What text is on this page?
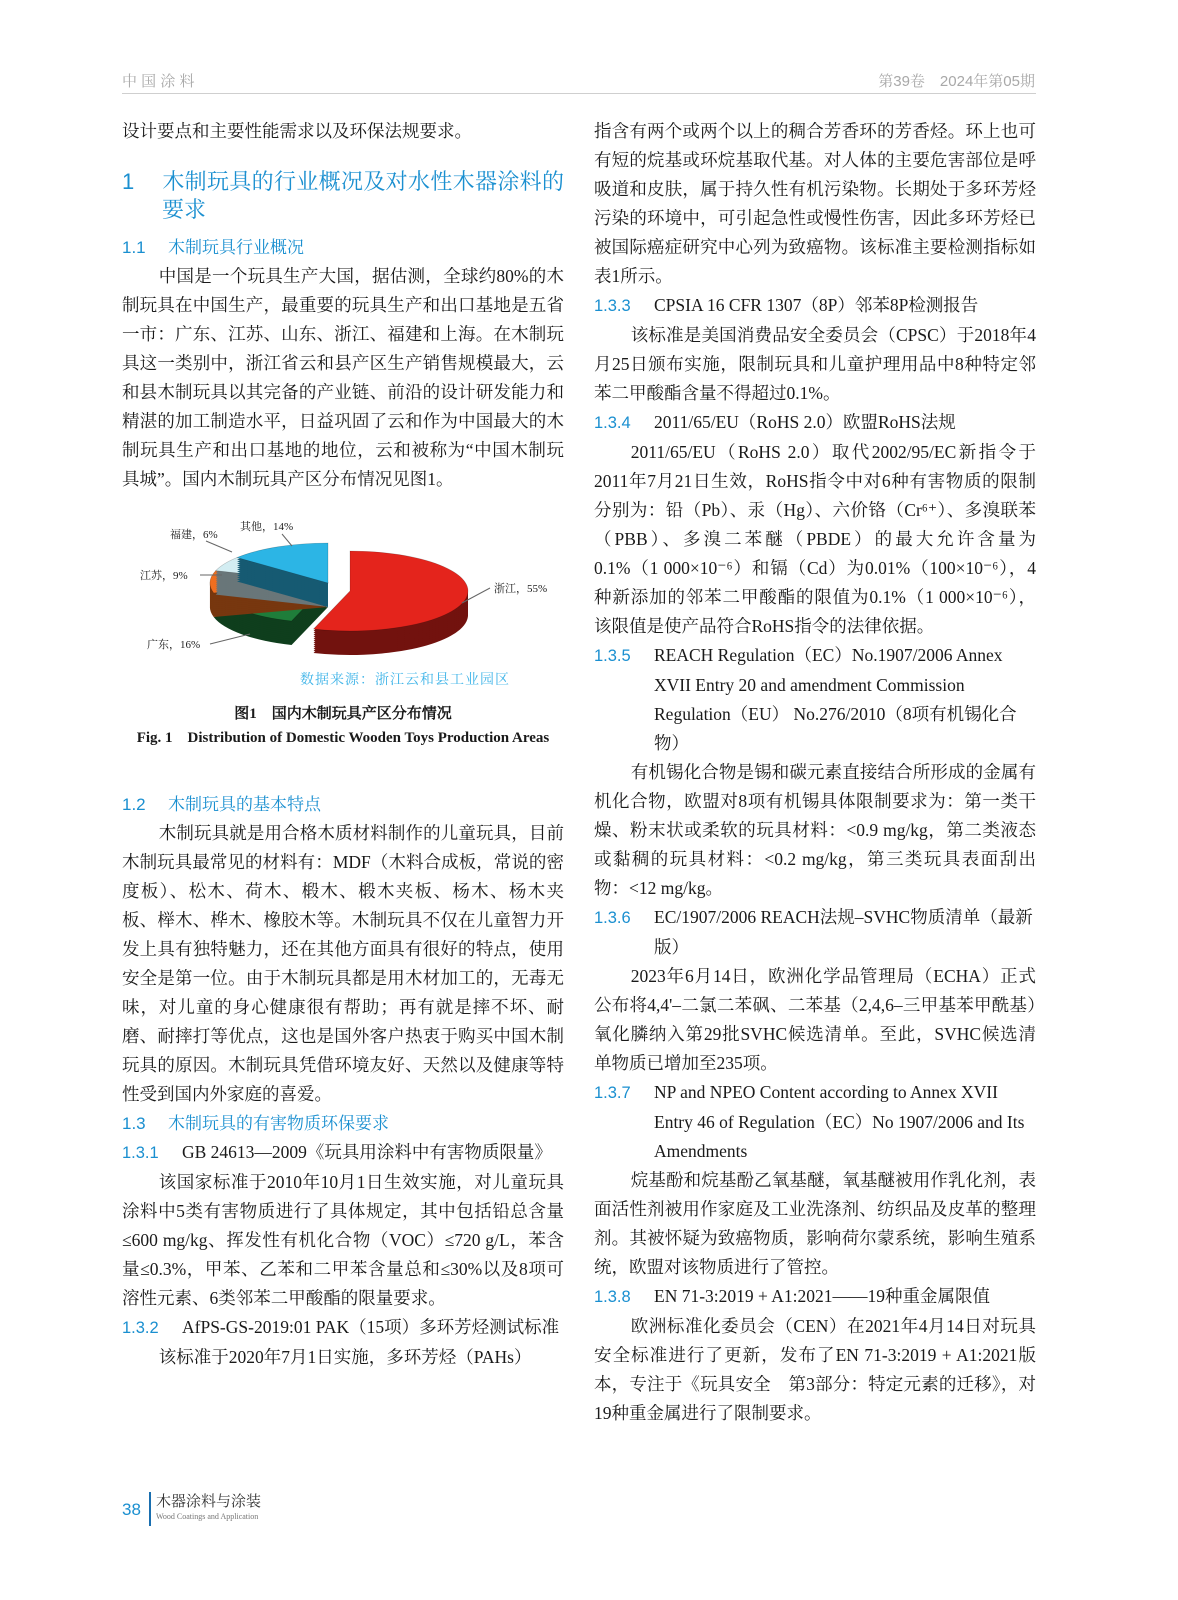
中 国 涂 料	第39卷　2024年第05期
设计要点和主要性能需求以及环保法规要求。
1 木制玩具的行业概况及对水性木器涂料的要求
1.1 木制玩具行业概况
中国是一个玩具生产大国，据估测，全球约80%的木制玩具在中国生产，最重要的玩具生产和出口基地是五省一市：广东、江苏、山东、浙江、福建和上海。在木制玩具这一类别中，浙江省云和县产区生产销售规模最大，云和县木制玩具以其完备的产业链、前沿的设计研发能力和精湛的加工制造水平，日益巩固了云和作为中国最大的木制玩具生产和出口基地的地位，云和被称为“中国木制玩具城”。国内木制玩具产区分布情况见图1。
浙江，55%
广东，16%
江苏，9%
福建，6%
其他，14%
数据来源：浙江云和县工业园区
图1　国内木制玩具产区分布情况
Fig. 1　Distribution of Domestic Wooden Toys Production Areas
1.2 木制玩具的基本特点
木制玩具就是用合格木质材料制作的儿童玩具，目前木制玩具最常见的材料有：MDF（木料合成板，常说的密度板）、松木、荷木、椴木、椴木夹板、杨木、杨木夹板、榉木、桦木、橡胶木等。木制玩具不仅在儿童智力开发上具有独特魅力，还在其他方面具有很好的特点，使用安全是第一位。由于木制玩具都是用木材加工的，无毒无味，对儿童的身心健康很有帮助；再有就是摔不坏、耐磨、耐摔打等优点，这也是国外客户热衷于购买中国木制玩具的原因。木制玩具凭借环境友好、天然以及健康等特性受到国内外家庭的喜爱。
1.3 木制玩具的有害物质环保要求
1.3.1 GB 24613—2009《玩具用涂料中有害物质限量》
该国家标准于2010年10月1日生效实施，对儿童玩具涂料中5类有害物质进行了具体规定，其中包括铅总含量≤600 mg/kg、挥发性有机化合物（VOC）≤720 g/L，苯含量≤0.3%，甲苯、乙苯和二甲苯含量总和≤30%以及8项可溶性元素、6类邻苯二甲酸酯的限量要求。
1.3.2 AfPS-GS-2019:01 PAK（15项）多环芳烃测试标准
该标准于2020年7月1日实施，多环芳烃（PAHs）
指含有两个或两个以上的稠合芳香环的芳香烃。环上也可有短的烷基或环烷基取代基。对人体的主要危害部位是呼吸道和皮肤，属于持久性有机污染物。长期处于多环芳烃污染的环境中，可引起急性或慢性伤害，因此多环芳烃已被国际癌症研究中心列为致癌物。该标准主要检测指标如表1所示。
1.3.3 CPSIA 16 CFR 1307（8P）邻苯8P检测报告
该标准是美国消费品安全委员会（CPSC）于2018年4月25日颁布实施，限制玩具和儿童护理用品中8种特定邻苯二甲酸酯含量不得超过0.1%。
1.3.4 2011/65/EU（RoHS 2.0）欧盟RoHS法规
2011/65/EU（RoHS 2.0）取代2002/95/EC新指令于2011年7月21日生效，RoHS指令中对6种有害物质的限制分别为：铅（Pb）、汞（Hg）、六价铬（Cr⁶⁺）、多溴联苯（PBB）、多溴二苯醚（PBDE）的最大允许含量为0.1%（1 000×10⁻⁶）和镉（Cd）为0.01%（100×10⁻⁶），4种新添加的邻苯二甲酸酯的限值为0.1%（1 000×10⁻⁶），该限值是使产品符合RoHS指令的法律依据。
1.3.5 REACH Regulation（EC）No.1907/2006 Annex XVII Entry 20 and amendment Commission Regulation（EU） No.276/2010（8项有机锡化合物）
有机锡化合物是锡和碳元素直接结合所形成的金属有机化合物，欧盟对8项有机锡具体限制要求为：第一类干燥、粉末状或柔软的玩具材料：<0.9 mg/kg，第二类液态或黏稠的玩具材料：<0.2 mg/kg，第三类玩具表面刮出物：<12 mg/kg。
1.3.6 EC/1907/2006 REACH法规–SVHC物质清单（最新版）
2023年6月14日，欧洲化学品管理局（ECHA）正式公布将4,4'–二氯二苯砜、二苯基（2,4,6–三甲基苯甲酰基）氧化膦纳入第29批SVHC候选清单。至此，SVHC候选清单物质已增加至235项。
1.3.7 NP and NPEO Content according to Annex XVII Entry 46 of Regulation（EC）No 1907/2006 and Its Amendments
烷基酚和烷基酚乙氧基醚，氧基醚被用作乳化剂，表面活性剂被用作家庭及工业洗涤剂、纺织品及皮革的整理剂。其被怀疑为致癌物质，影响荷尔蒙系统，影响生殖系统，欧盟对该物质进行了管控。
1.3.8 EN 71-3:2019 + A1:2021——19种重金属限值
欧洲标准化委员会（CEN）在2021年4月14日对玩具安全标准进行了更新，发布了EN 71-3:2019 + A1:2021版本，专注于《玩具安全　第3部分：特定元素的迁移》，对19种重金属进行了限制要求。
38 木器涂料与涂装
Wood Coatings and Application
